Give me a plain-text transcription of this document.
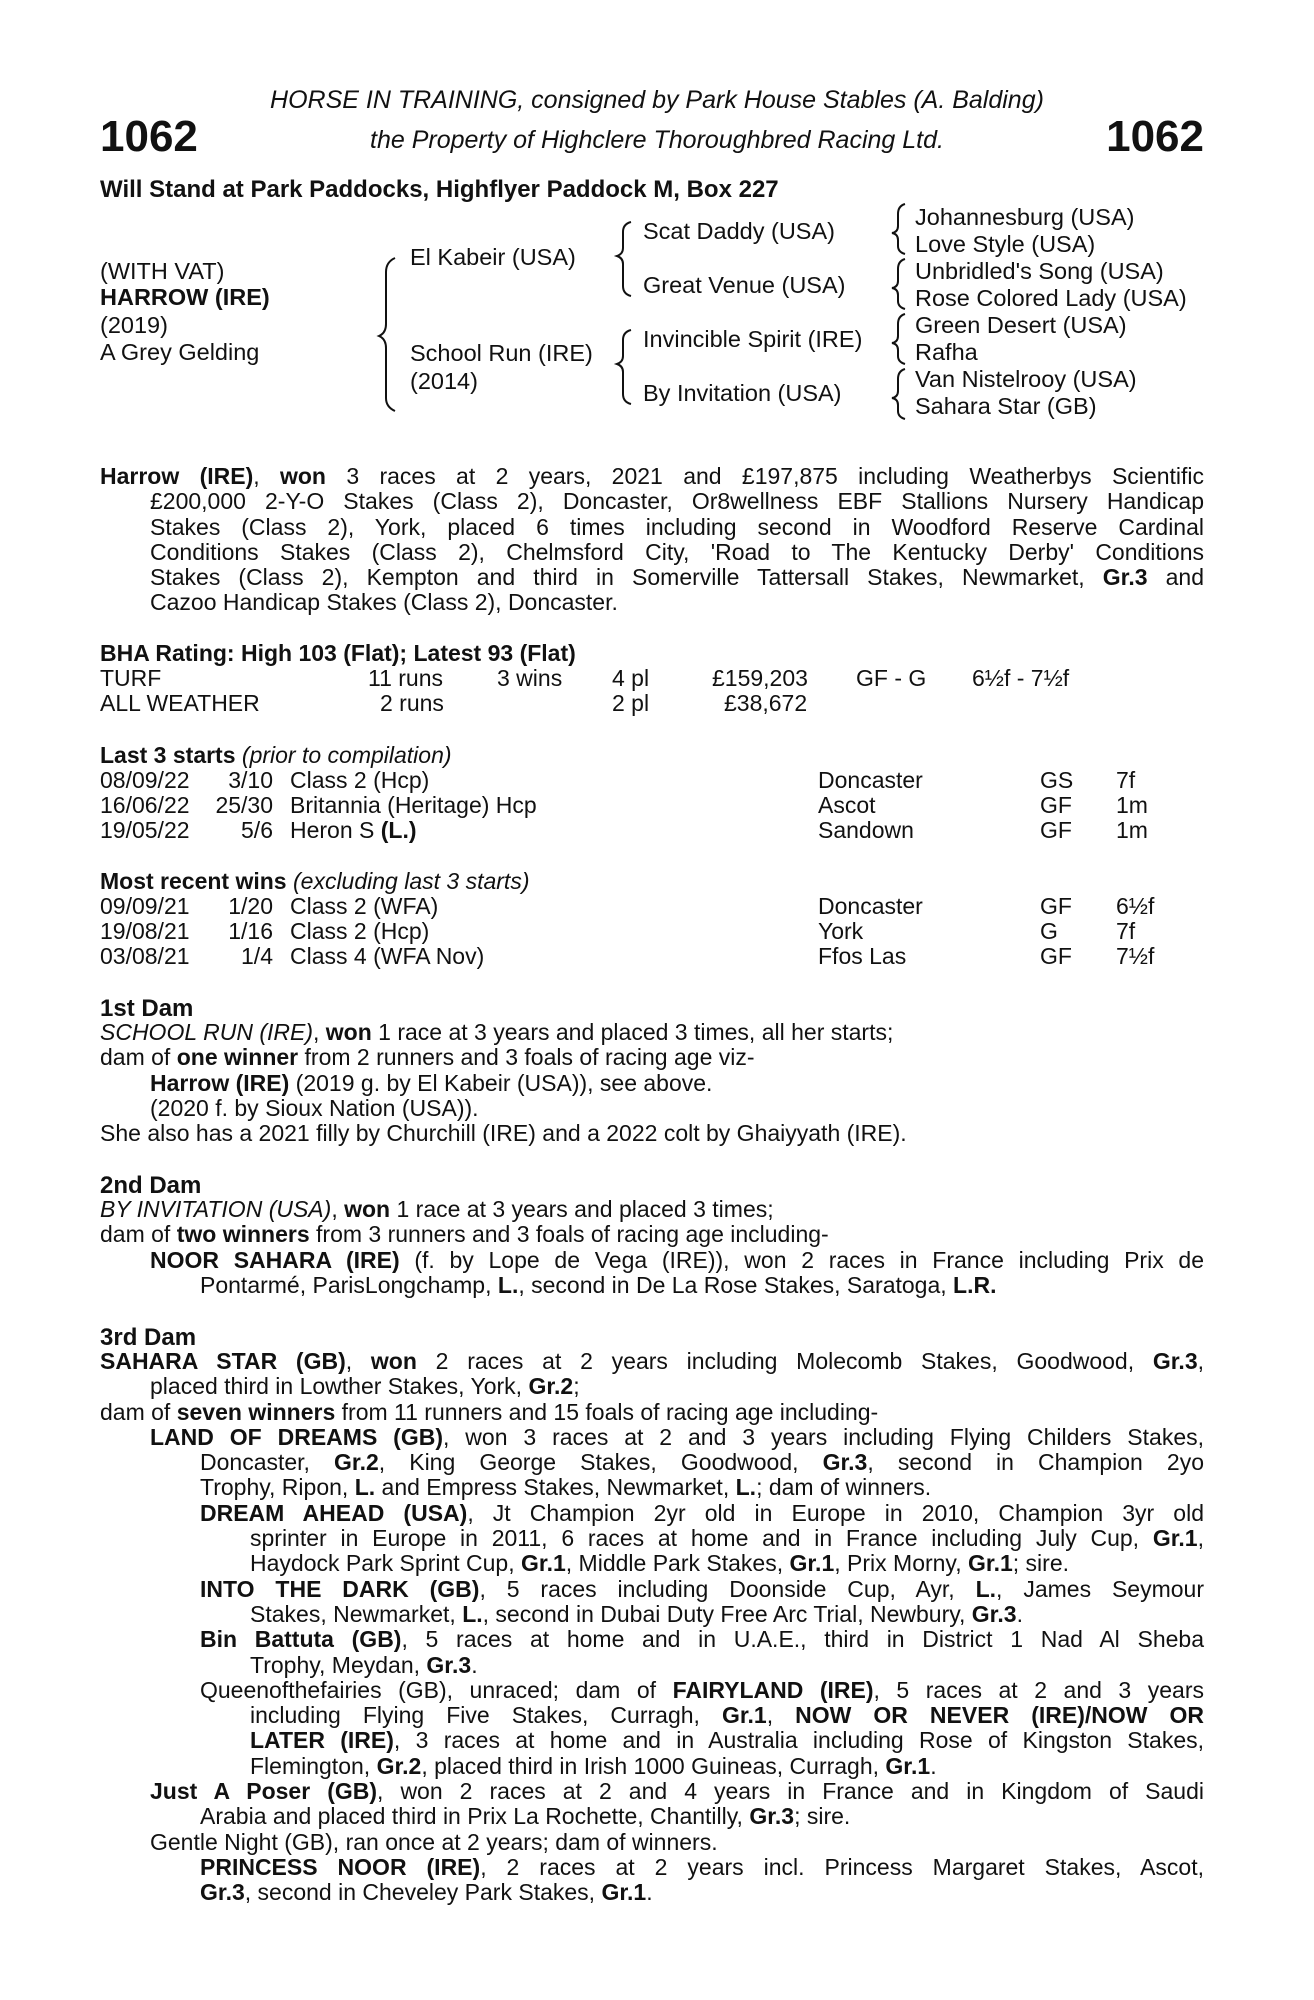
1062	1062
HORSE IN TRAINING, consigned by Park House Stables (A. Balding)
the Property of Highclere Thoroughbred Racing Ltd.
Will Stand at Park Paddocks, Highflyer Paddock M, Box 227
(WITH VAT)
HARROW (IRE)
(2019)
A Grey Gelding
El Kabeir (USA)
School Run (IRE)
(2014)
Scat Daddy (USA)
Great Venue (USA)
Invincible Spirit (IRE)
By Invitation (USA)
Johannesburg (USA)
Love Style (USA)
Unbridled's Song (USA)
Rose Colored Lady (USA)
Green Desert (USA)
Rafha
Van Nistelrooy (USA)
Sahara Star (GB)
Harrow (IRE), won 3 races at 2 years, 2021 and £197,875 including Weatherbys Scientific
£200,000 2-Y-O Stakes (Class 2), Doncaster, Or8wellness EBF Stallions Nursery Handicap
Stakes (Class 2), York, placed 6 times including second in Woodford Reserve Cardinal
Conditions Stakes (Class 2), Chelmsford City, 'Road to The Kentucky Derby' Conditions
Stakes (Class 2), Kempton and third in Somerville Tattersall Stakes, Newmarket, Gr.3 and
Cazoo Handicap Stakes (Class 2), Doncaster.
BHA Rating: High 103 (Flat); Latest 93 (Flat)
TURF	11 runs 3 wins 4 pl	£159,203 GF - G 6½f - 7½f
ALL WEATHER	2 runs	2 pl	£38,672
Last 3 starts (prior to compilation)
08/09/22	3/10 Class 2 (Hcp)	Doncaster	GS 7f
16/06/22	25/30 Britannia (Heritage) Hcp	Ascot	GF 1m
19/05/22	5/6 Heron S (L.)	Sandown	GF 1m
Most recent wins (excluding last 3 starts)
09/09/21	1/20 Class 2 (WFA)	Doncaster	GF 6½f
19/08/21	1/16 Class 2 (Hcp)	York	G	7f
03/08/21	1/4 Class 4 (WFA Nov)	Ffos Las	GF 7½f
1st Dam
SCHOOL RUN (IRE), won 1 race at 3 years and placed 3 times, all her starts;
dam of one winner from 2 runners and 3 foals of racing age viz-
Harrow (IRE) (2019 g. by El Kabeir (USA)), see above.
(2020 f. by Sioux Nation (USA)).
She also has a 2021 filly by Churchill (IRE) and a 2022 colt by Ghaiyyath (IRE).
2nd Dam
BY INVITATION (USA), won 1 race at 3 years and placed 3 times;
dam of two winners from 3 runners and 3 foals of racing age including-
NOOR SAHARA (IRE) (f. by Lope de Vega (IRE)), won 2 races in France including Prix de
Pontarmé, ParisLongchamp, L., second in De La Rose Stakes, Saratoga, L.R.
3rd Dam
SAHARA STAR (GB), won 2 races at 2 years including Molecomb Stakes, Goodwood, Gr.3,
placed third in Lowther Stakes, York, Gr.2;
dam of seven winners from 11 runners and 15 foals of racing age including-
LAND OF DREAMS (GB), won 3 races at 2 and 3 years including Flying Childers Stakes,
Doncaster, Gr.2, King George Stakes, Goodwood, Gr.3, second in Champion 2yo
Trophy, Ripon, L. and Empress Stakes, Newmarket, L.; dam of winners.
DREAM AHEAD (USA), Jt Champion 2yr old in Europe in 2010, Champion 3yr old
sprinter in Europe in 2011, 6 races at home and in France including July Cup, Gr.1,
Haydock Park Sprint Cup, Gr.1, Middle Park Stakes, Gr.1, Prix Morny, Gr.1; sire.
INTO THE DARK (GB), 5 races including Doonside Cup, Ayr, L., James Seymour
Stakes, Newmarket, L., second in Dubai Duty Free Arc Trial, Newbury, Gr.3.
Bin Battuta (GB), 5 races at home and in U.A.E., third in District 1 Nad Al Sheba
Trophy, Meydan, Gr.3.
Queenofthefairies (GB), unraced; dam of FAIRYLAND (IRE), 5 races at 2 and 3 years
including Flying Five Stakes, Curragh, Gr.1, NOW OR NEVER (IRE)/NOW OR
LATER (IRE), 3 races at home and in Australia including Rose of Kingston Stakes,
Flemington, Gr.2, placed third in Irish 1000 Guineas, Curragh, Gr.1.
Just A Poser (GB), won 2 races at 2 and 4 years in France and in Kingdom of Saudi
Arabia and placed third in Prix La Rochette, Chantilly, Gr.3; sire.
Gentle Night (GB), ran once at 2 years; dam of winners.
PRINCESS NOOR (IRE), 2 races at 2 years incl. Princess Margaret Stakes, Ascot,
Gr.3, second in Cheveley Park Stakes, Gr.1.
